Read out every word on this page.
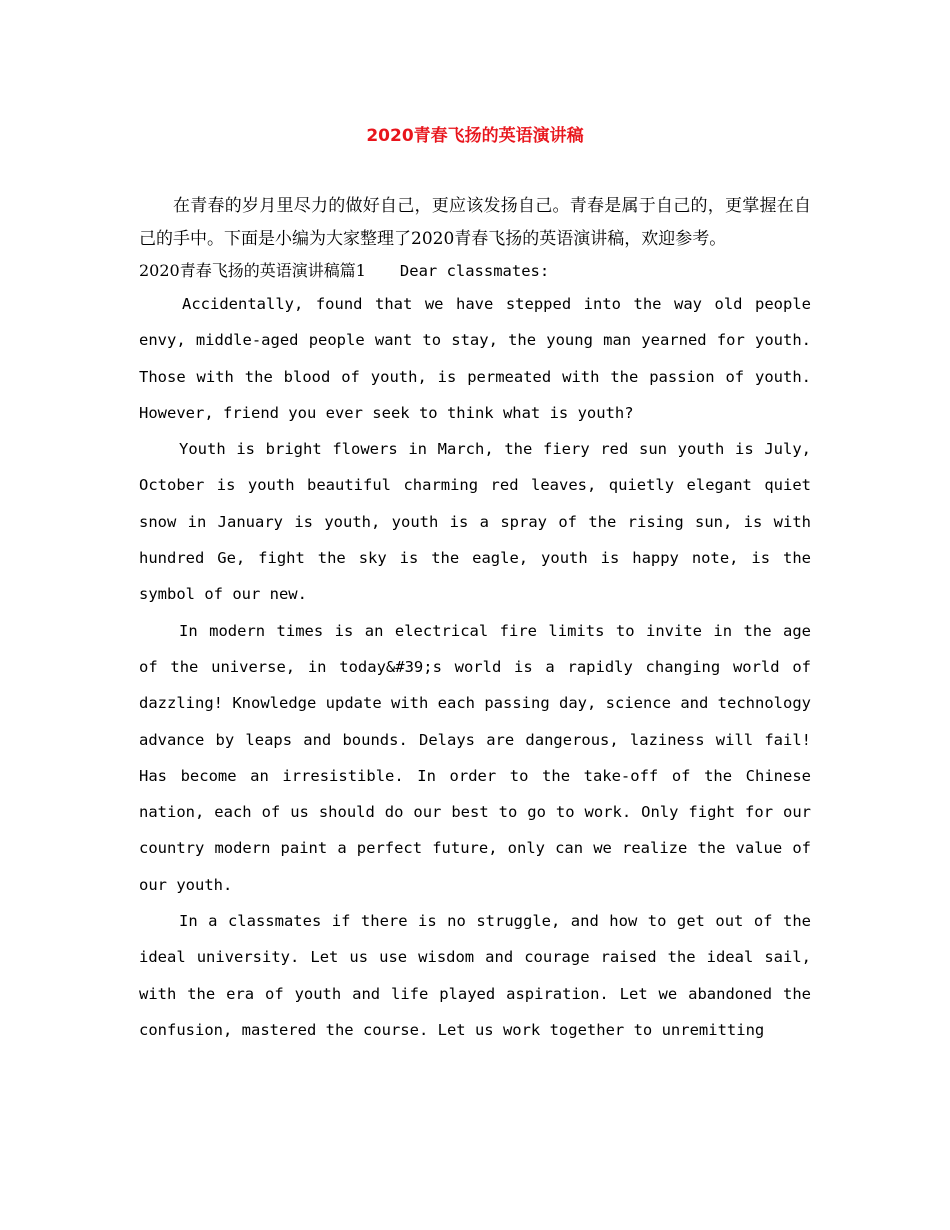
2020青春飞扬的英语演讲稿

在青春的岁月里尽力的做好自己，更应该发扬自己。青春是属于自己的，更掌握在自己的手中。下面是小编为大家整理了2020青春飞扬的英语演讲稿，欢迎参考。

2020青春飞扬的英语演讲稿篇1 Dear classmates:

Accidentally, found that we have stepped into the way old people envy, middle-aged people want to stay, the young man yearned for youth. Those with the blood of youth, is permeated with the passion of youth. However, friend you ever seek to think what is youth?

Youth is bright flowers in March, the fiery red sun youth is July, October is youth beautiful charming red leaves, quietly elegant quiet snow in January is youth, youth is a spray of the rising sun, is with hundred Ge, fight the sky is the eagle, youth is happy note, is the symbol of our new.

In modern times is an electrical fire limits to invite in the age of the universe, in today&#39;s world is a rapidly changing world of dazzling! Knowledge update with each passing day, science and technology advance by leaps and bounds. Delays are dangerous, laziness will fail! Has become an irresistible. In order to the take-off of the Chinese nation, each of us should do our best to go to work. Only fight for our country modern paint a perfect future, only can we realize the value of our youth.

In a classmates if there is no struggle, and how to get out of the ideal university. Let us use wisdom and courage raised the ideal sail, with the era of youth and life played aspiration. Let we abandoned the confusion, mastered the course. Let us work together to unremitting
